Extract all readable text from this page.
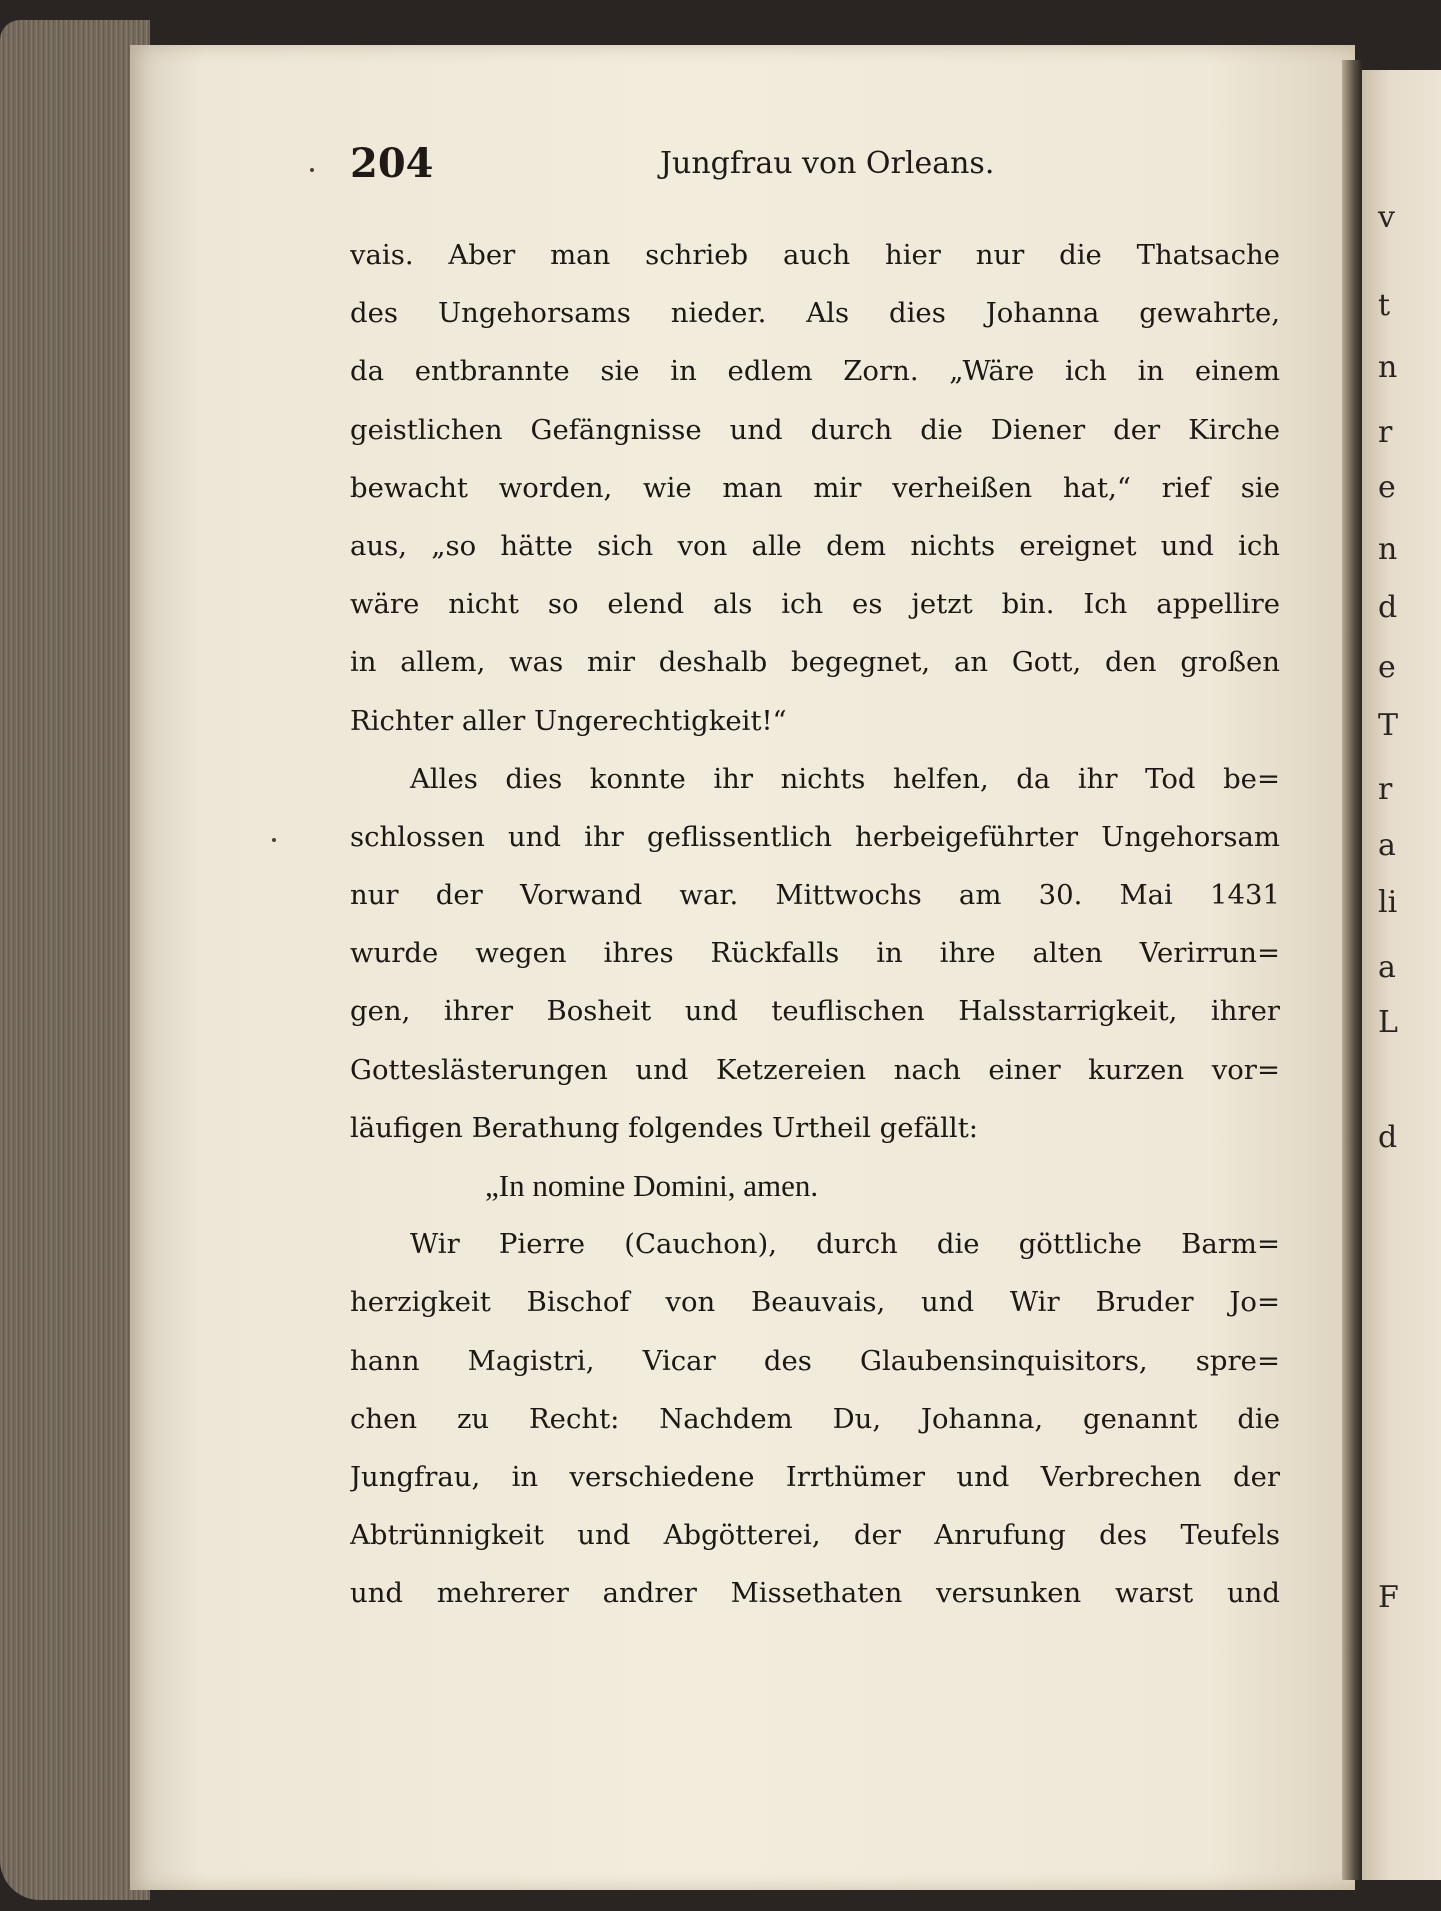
v
t
n
r
e
n
d
e
T
r
a
li
a
L
d
F
204	Jungfrau von Orleans.
vais. Aber man schrieb auch hier nur die Thatsache
des Ungehorsams nieder. Als dies Johanna gewahrte,
da entbrannte sie in edlem Zorn. „Wäre ich in einem
geistlichen Gefängnisse und durch die Diener der Kirche
bewacht worden, wie man mir verheißen hat,“ rief sie
aus, „so hätte sich von alle dem nichts ereignet und ich
wäre nicht so elend als ich es jetzt bin. Ich appellire
in allem, was mir deshalb begegnet, an Gott, den großen
Richter aller Ungerechtigkeit!“
Alles dies konnte ihr nichts helfen, da ihr Tod be=
schlossen und ihr geflissentlich herbeigeführter Ungehorsam
nur der Vorwand war. Mittwochs am 30. Mai 1431
wurde wegen ihres Rückfalls in ihre alten Verirrun=
gen, ihrer Bosheit und teuflischen Halsstarrigkeit, ihrer
Gotteslästerungen und Ketzereien nach einer kurzen vor=
läufigen Berathung folgendes Urtheil gefällt:
„In nomine Domini, amen.
Wir Pierre (Cauchon), durch die göttliche Barm=
herzigkeit Bischof von Beauvais, und Wir Bruder Jo=
hann Magistri, Vicar des Glaubensinquisitors, spre=
chen zu Recht: Nachdem Du, Johanna, genannt die
Jungfrau, in verschiedene Irrthümer und Verbrechen der
Abtrünnigkeit und Abgötterei, der Anrufung des Teufels
und mehrerer andrer Missethaten versunken warst und
